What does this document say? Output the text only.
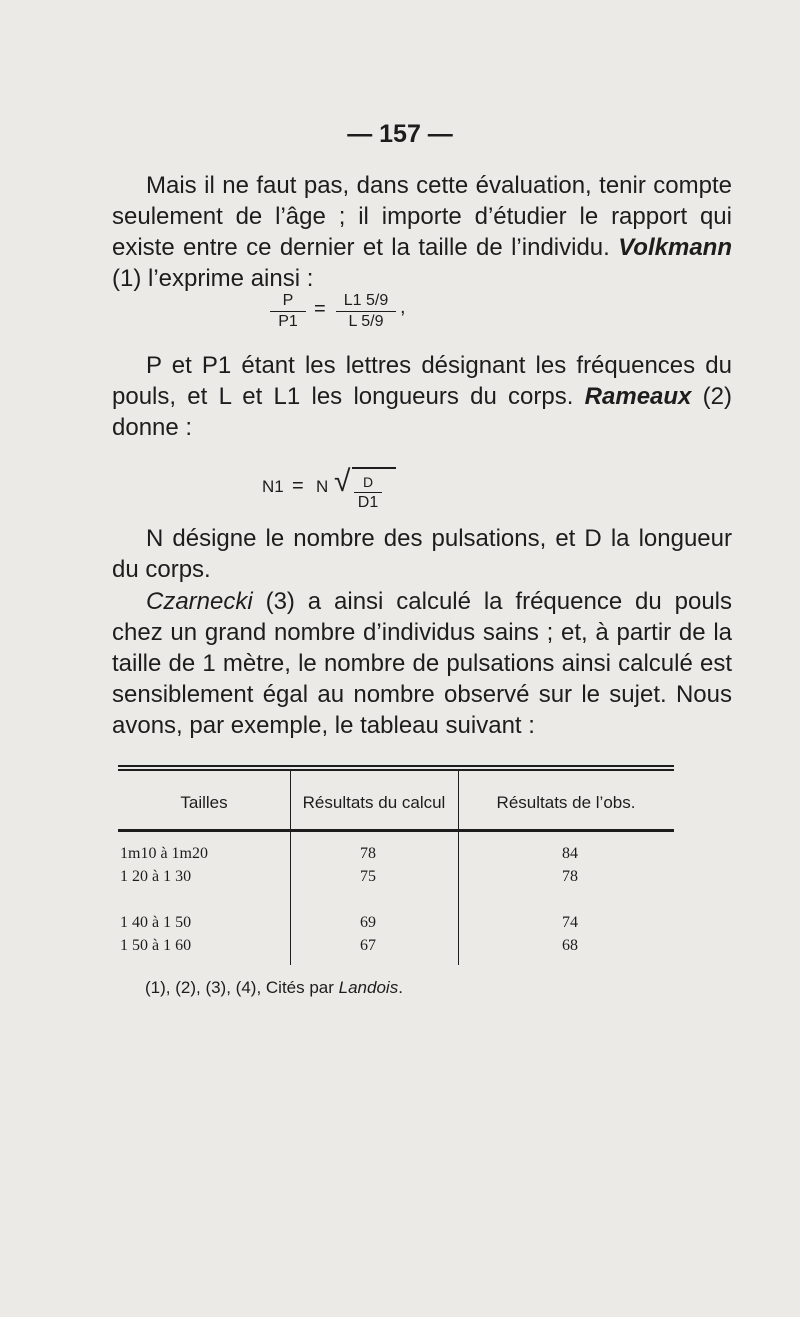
— 157 —

Mais il ne faut pas, dans cette évaluation, tenir compte seulement de l’âge ; il importe d’étudier le rapport qui existe entre ce dernier et la taille de l’individu. Volkmann (1) l’exprime ainsi :

P
P1
=	L1 5/9
L 5/9
,

P et P1 étant les lettres désignant les fréquences du pouls, et L et L1 les longueurs du corps. Rameaux (2) donne :

N1 = N √ D
D1

N désigne le nombre des pulsations, et D la longueur du corps.

Czarnecki (3) a ainsi calculé la fréquence du pouls chez un grand nombre d’individus sains ; et, à partir de la taille de 1 mètre, le nombre de pulsations ainsi calculé est sensiblement égal au nombre observé sur le sujet. Nous avons, par exemple, le tableau suivant :

Tailles	Résultats du calcul	Résultats de l’obs.
1m10 à 1m20	78	84
1 20 à 1 30	75	78
1 40 à 1 50	69	74
1 50 à 1 60	67	68
(1), (2), (3), (4), Cités par Landois.
